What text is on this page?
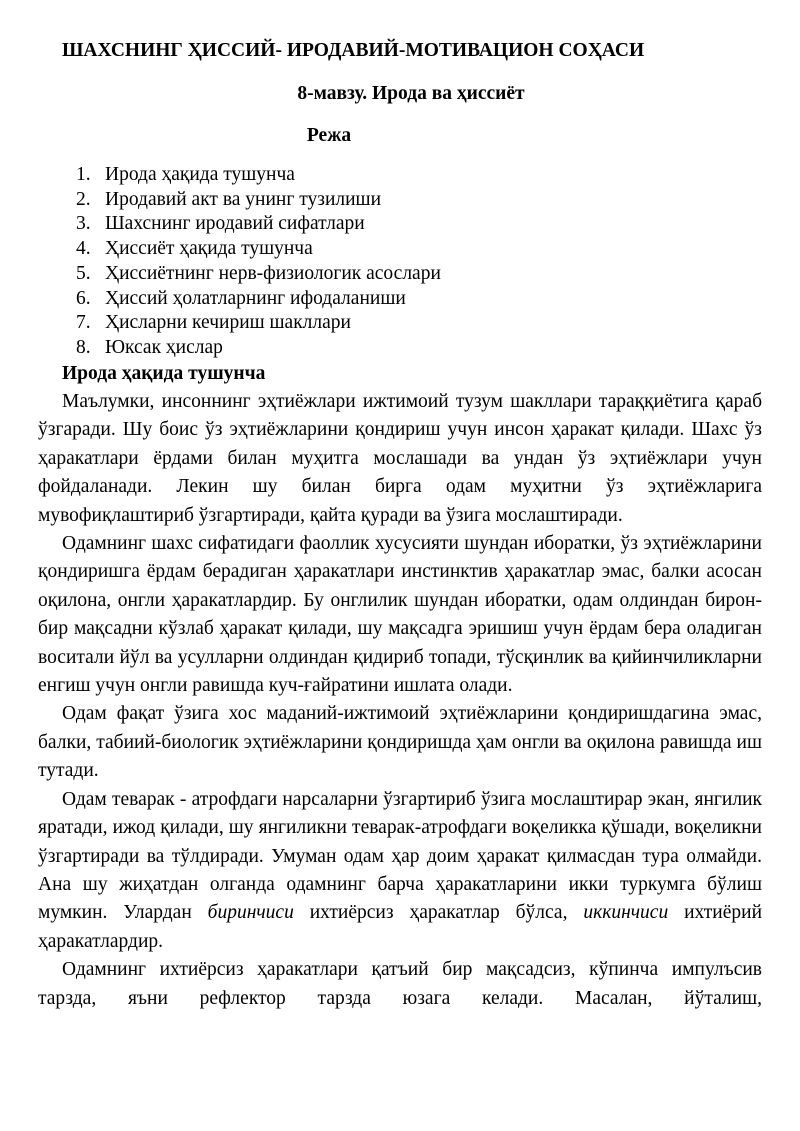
ШАХСНИНГ ҲИССИЙ- ИРОДАВИЙ-МОТИВАЦИОН СОҲАСИ
8-мавзу. Ирода ва ҳиссиёт
Режа
1. Ирода ҳақида тушунча
2. Иродавий акт ва унинг тузилиши
3. Шахснинг иродавий сифатлари
4. Ҳиссиёт ҳақида тушунча
5. Ҳиссиётнинг нерв-физиологик асослари
6. Ҳиссий ҳолатларнинг ифодаланиши
7. Ҳисларни кечириш шакллари
8. Юксак ҳислар
Ирода ҳақида тушунча

Маълумки, инсоннинг эҳтиёжлари ижтимоий тузум шакллари тараққиётига қараб ўзгаради. Шу боис ўз эҳтиёжларини қондириш учун инсон ҳаракат қилади. Шахс ўз ҳаракатлари ёрдами билан муҳитга мослашади ва ундан ўз эҳтиёжлари учун фойдаланади. Лекин шу билан бирга одам муҳитни ўз эҳтиёжларига мувофиқлаштириб ўзгартиради, қайта қуради ва ўзига мослаштиради.

Одамнинг шахс сифатидаги фаоллик хусусияти шундан иборатки, ўз эҳтиёжларини қондиришга ёрдам берадиган ҳаракатлари инстинктив ҳаракатлар эмас, балки асосан оқилона, онгли ҳаракатлардир. Бу онглилик шундан иборатки, одам олдиндан бирон-бир мақсадни кўзлаб ҳаракат қилади, шу мақсадга эришиш учун ёрдам бера оладиган воситали йўл ва усулларни олдиндан қидириб топади, тўсқинлик ва қийинчиликларни енгиш учун онгли равишда куч-ғайратини ишлата олади.

Одам фақат ўзига хос маданий-ижтимоий эҳтиёжларини қондиришдагина эмас, балки, табиий-биологик эҳтиёжларини қондиришда ҳам онгли ва оқилона равишда иш тутади.

Одам теварак - атрофдаги нарсаларни ўзгартириб ўзига мослаштирар экан, янгилик яратади, ижод қилади, шу янгиликни теварак-атрофдаги воқеликка қўшади, воқеликни ўзгартиради ва тўлдиради. Умуман одам ҳар доим ҳаракат қилмасдан тура олмайди. Ана шу жиҳатдан олганда одамнинг барча ҳаракатларини икки туркумга бўлиш мумкин. Улардан биринчиси ихтиёрсиз ҳаракатлар бўлса, иккинчиси ихтиёрий ҳаракатлардир.

Одамнинг ихтиёрсиз ҳаракатлари қатъий бир мақсадсиз, кўпинча импулъсив тарзда, яъни рефлектор тарзда юзага келади. Масалан, йўталиш,
